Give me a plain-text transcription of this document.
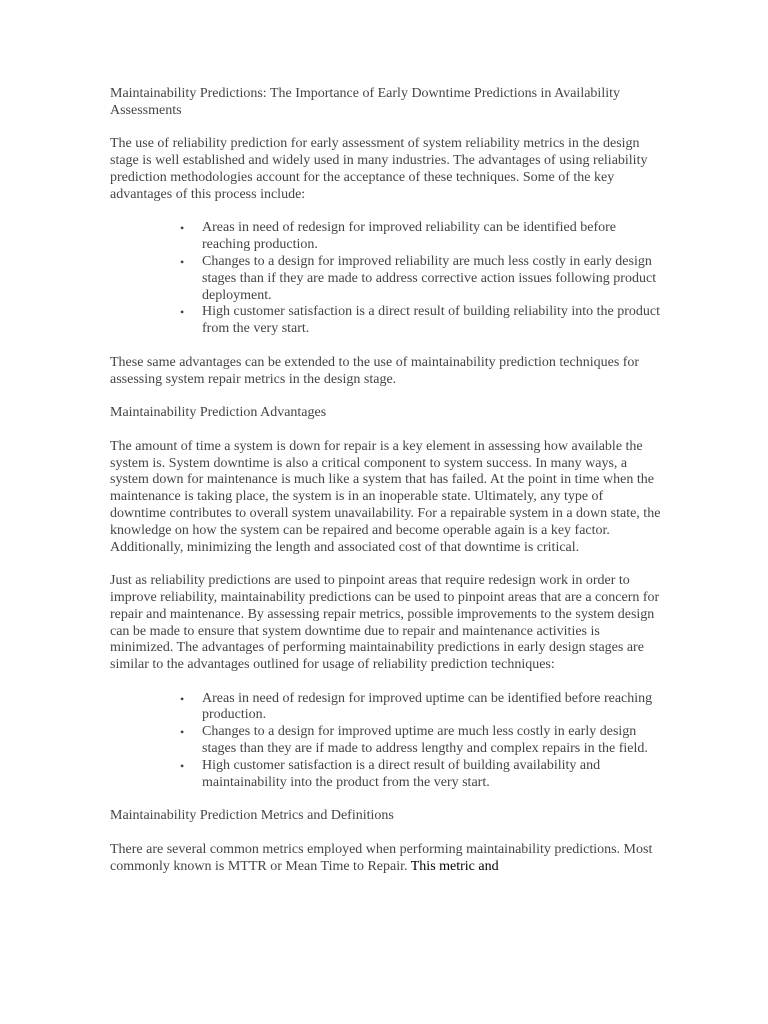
Maintainability Predictions: The Importance of Early Downtime Predictions in Availability Assessments

The use of reliability prediction for early assessment of system reliability metrics in the design stage is well established and widely used in many industries. The advantages of using reliability prediction methodologies account for the acceptance of these techniques. Some of the key advantages of this process include:

• Areas in need of redesign for improved reliability can be identified before reaching production.
• Changes to a design for improved reliability are much less costly in early design stages than if they are made to address corrective action issues following product deployment.
• High customer satisfaction is a direct result of building reliability into the product from the very start.

These same advantages can be extended to the use of maintainability prediction techniques for assessing system repair metrics in the design stage.

Maintainability Prediction Advantages

The amount of time a system is down for repair is a key element in assessing how available the system is. System downtime is also a critical component to system success. In many ways, a system down for maintenance is much like a system that has failed. At the point in time when the maintenance is taking place, the system is in an inoperable state. Ultimately, any type of downtime contributes to overall system unavailability. For a repairable system in a down state, the knowledge on how the system can be repaired and become operable again is a key factor. Additionally, minimizing the length and associated cost of that downtime is critical.

Just as reliability predictions are used to pinpoint areas that require redesign work in order to improve reliability, maintainability predictions can be used to pinpoint areas that are a concern for repair and maintenance. By assessing repair metrics, possible improvements to the system design can be made to ensure that system downtime due to repair and maintenance activities is minimized. The advantages of performing maintainability predictions in early design stages are similar to the advantages outlined for usage of reliability prediction techniques:

• Areas in need of redesign for improved uptime can be identified before reaching production.
• Changes to a design for improved uptime are much less costly in early design stages than they are if made to address lengthy and complex repairs in the field.
• High customer satisfaction is a direct result of building availability and maintainability into the product from the very start.

Maintainability Prediction Metrics and Definitions

There are several common metrics employed when performing maintainability predictions. Most commonly known is MTTR or Mean Time to Repair. This metric and
